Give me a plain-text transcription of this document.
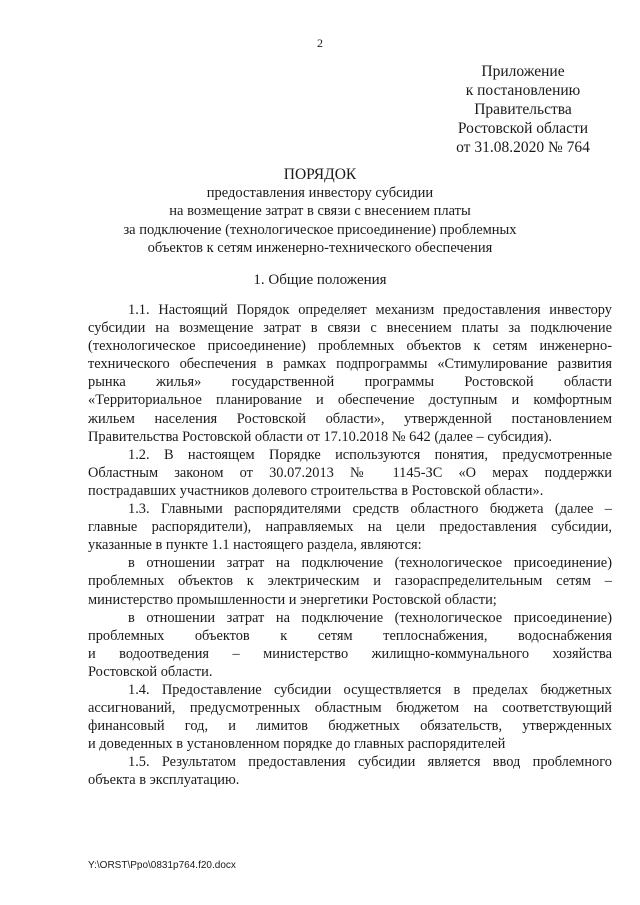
2
Приложение
к постановлению
Правительства
Ростовской области
от 31.08.2020 № 764
ПОРЯДОК
предоставления инвестору субсидии
на возмещение затрат в связи с внесением платы
за подключение (технологическое присоединение) проблемных
объектов к сетям инженерно-технического обеспечения
1. Общие положения
1.1. Настоящий Порядок определяет механизм предоставления инвестору
субсидии на возмещение затрат в связи с внесением платы за подключение
(технологическое присоединение) проблемных объектов к сетям инженерно-
технического обеспечения в рамках подпрограммы «Стимулирование развития
рынка жилья» государственной программы Ростовской области
«Территориальное планирование и обеспечение доступным и комфортным
жильем населения Ростовской области», утвержденной постановлением
Правительства Ростовской области от 17.10.2018 № 642 (далее – субсидия).
1.2. В настоящем Порядке используются понятия, предусмотренные
Областным законом от 30.07.2013 № 1145-ЗС «О мерах поддержки
пострадавших участников долевого строительства в Ростовской области».
1.3. Главными распорядителями средств областного бюджета (далее –
главные распорядители), направляемых на цели предоставления субсидии,
указанные в пункте 1.1 настоящего раздела, являются:
в отношении затрат на подключение (технологическое присоединение)
проблемных объектов к электрическим и газораспределительным сетям –
министерство промышленности и энергетики Ростовской области;
в отношении затрат на подключение (технологическое присоединение)
проблемных объектов к сетям теплоснабжения, водоснабжения
и водоотведения – министерство жилищно-коммунального хозяйства
Ростовской области.
1.4. Предоставление субсидии осуществляется в пределах бюджетных
ассигнований, предусмотренных областным бюджетом на соответствующий
финансовый год, и лимитов бюджетных обязательств, утвержденных
и доведенных в установленном порядке до главных распорядителей
1.5. Результатом предоставления субсидии является ввод проблемного
объекта в эксплуатацию.
Y:\ORST\Ppo\0831p764.f20.docx
